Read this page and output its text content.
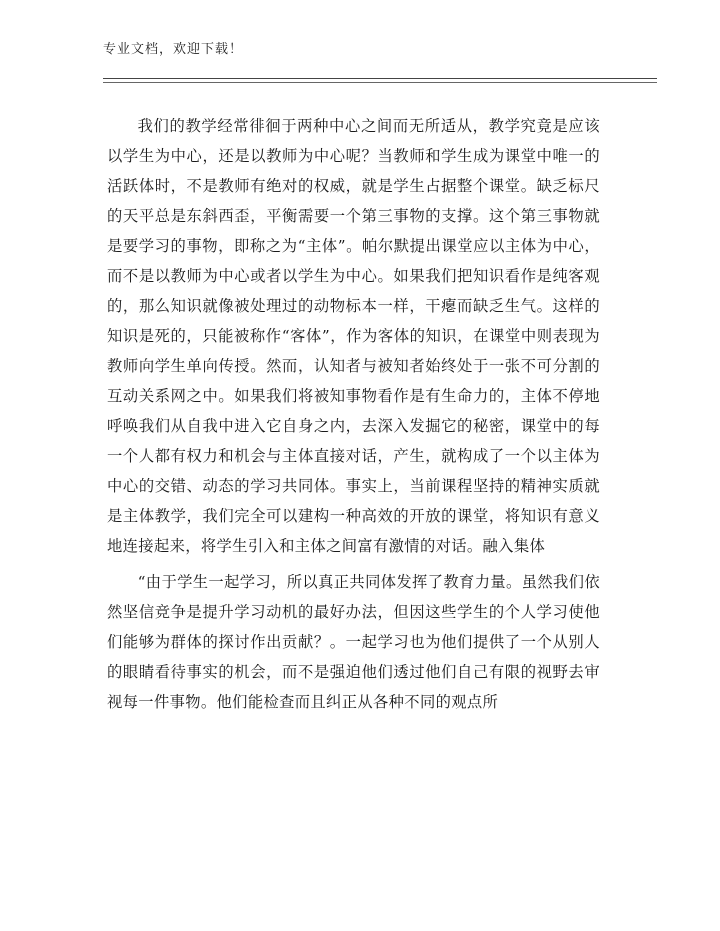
专业文档，欢迎下载！

我们的教学经常徘徊于两种中心之间而无所适从，教学究竟是应该以学生为中心，还是以教师为中心呢？当教师和学生成为课堂中唯一的活跃体时，不是教师有绝对的权威，就是学生占据整个课堂。缺乏标尺的天平总是东斜西歪，平衡需要一个第三事物的支撑。这个第三事物就是要学习的事物，即称之为“主体”。帕尔默提出课堂应以主体为中心，而不是以教师为中心或者以学生为中心。如果我们把知识看作是纯客观的，那么知识就像被处理过的动物标本一样，干瘪而缺乏生气。这样的知识是死的，只能被称作“客体”，作为客体的知识，在课堂中则表现为教师向学生单向传授。然而，认知者与被知者始终处于一张不可分割的互动关系网之中。如果我们将被知事物看作是有生命力的，主体不停地呼唤我们从自我中进入它自身之内，去深入发掘它的秘密，课堂中的每一个人都有权力和机会与主体直接对话，产生，就构成了一个以主体为中心的交错、动态的学习共同体。事实上，当前课程坚持的精神实质就是主体教学，我们完全可以建构一种高效的开放的课堂，将知识有意义地连接起来，将学生引入和主体之间富有激情的对话。融入集体

“由于学生一起学习，所以真正共同体发挥了教育力量。虽然我们依然坚信竞争是提升学习动机的最好办法，但因这些学生的个人学习使他们能够为群体的探讨作出贡献？。一起学习也为他们提供了一个从别人的眼睛看待事实的机会，而不是强迫他们透过他们自己有限的视野去审视每一件事物。他们能检查而且纠正从各种不同的观点所
